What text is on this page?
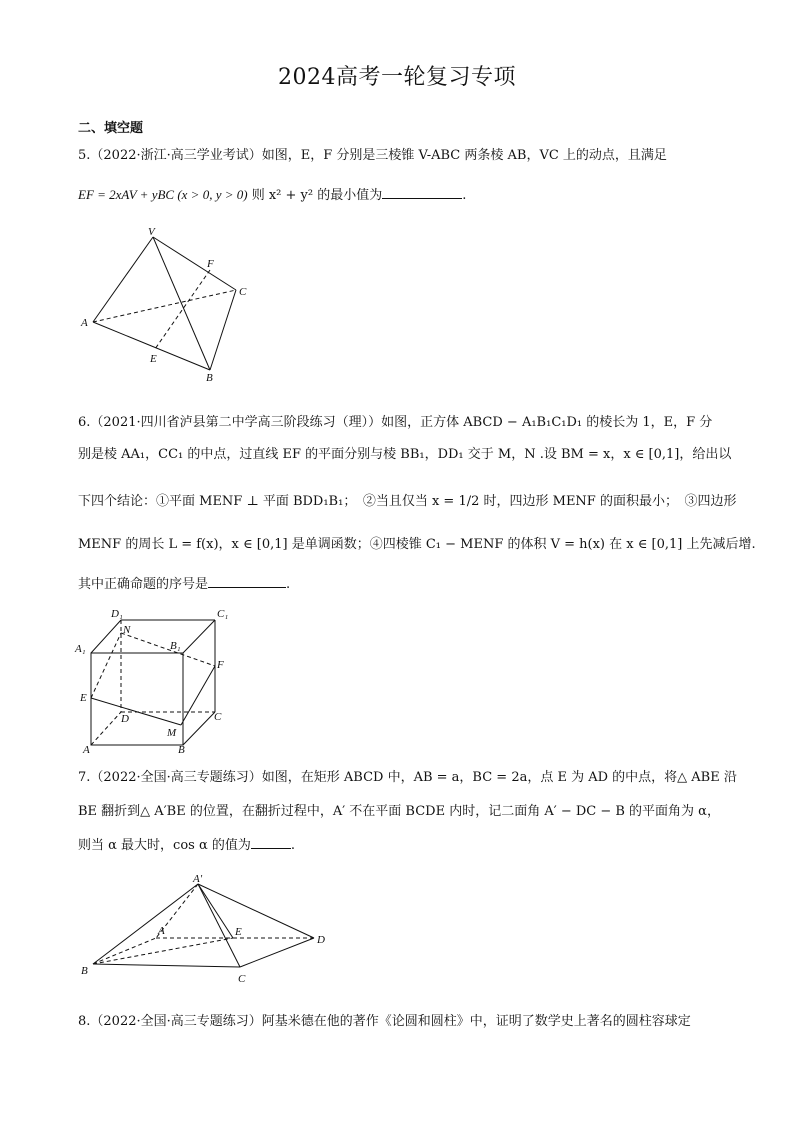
2024高考一轮复习专项
二、填空题
5.（2022·浙江·高三学业考试）如图，E，F 分别是三棱锥 V-ABC 两条棱 AB，VC 上的动点，且满足
EF = 2xAV + yBC (x > 0, y > 0) 则 x² + y² 的最小值为	.
V
F
C
A
E
B
6.（2021·四川省泸县第二中学高三阶段练习（理））如图，正方体 ABCD − A₁B₁C₁D₁ 的棱长为 1，E，F 分
别是棱 AA₁，CC₁ 的中点，过直线 EF 的平面分别与棱 BB₁，DD₁ 交于 M，N .设 BM = x，x ∈ [0,1]，给出以
下四个结论：①平面 MENF ⊥ 平面 BDD₁B₁；　②当且仅当 x = 1/2 时，四边形 MENF 的面积最小；　③四边形
MENF 的周长 L = f(x)，x ∈ [0,1] 是单调函数；④四棱锥 C₁ − MENF 的体积 V = h(x) 在 x ∈ [0,1] 上先减后增.
其中正确命题的序号是	.
D₁	C₁
N
B₁
A₁
F
E
D	C
M
A	B
7.（2022·全国·高三专题练习）如图，在矩形 ABCD 中，AB = a，BC = 2a，点 E 为 AD 的中点，将△ ABE 沿
BE 翻折到△ A′BE 的位置，在翻折过程中，A′ 不在平面 BCDE 内时，记二面角 A′ − DC − B 的平面角为 α，
则当 α 最大时，cos α 的值为	.
A′
A	E
D
B
C
8.（2022·全国·高三专题练习）阿基米德在他的著作《论圆和圆柱》中，证明了数学史上著名的圆柱容球定
